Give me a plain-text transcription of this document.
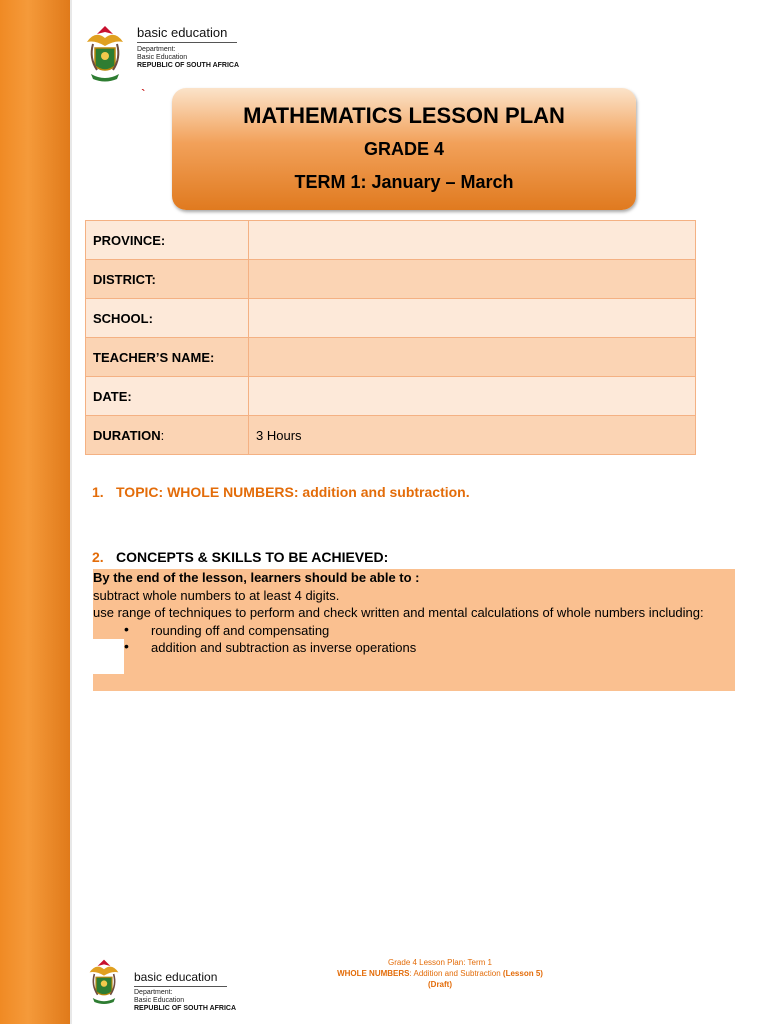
basic education
Department:
Basic Education
REPUBLIC OF SOUTH AFRICA
`
MATHEMATICS LESSON PLAN
GRADE 4
TERM 1: January – March
PROVINCE:	
DISTRICT:	
SCHOOL:	
TEACHER’S NAME:	
DATE:	
DURATION:	3 Hours
1. TOPIC: WHOLE NUMBERS: addition and subtraction.
2. CONCEPTS & SKILLS TO BE ACHIEVED:
By the end of the lesson, learners should be able to :
subtract whole numbers to at least 4 digits.
use range of techniques to perform and check written and mental calculations of whole numbers including:
• rounding off and compensating
• addition and subtraction as inverse operations
basic education
Department:
Basic Education
REPUBLIC OF SOUTH AFRICA
Grade 4 Lesson Plan: Term 1
WHOLE NUMBERS: Addition and Subtraction (Lesson 5)
(Draft)
